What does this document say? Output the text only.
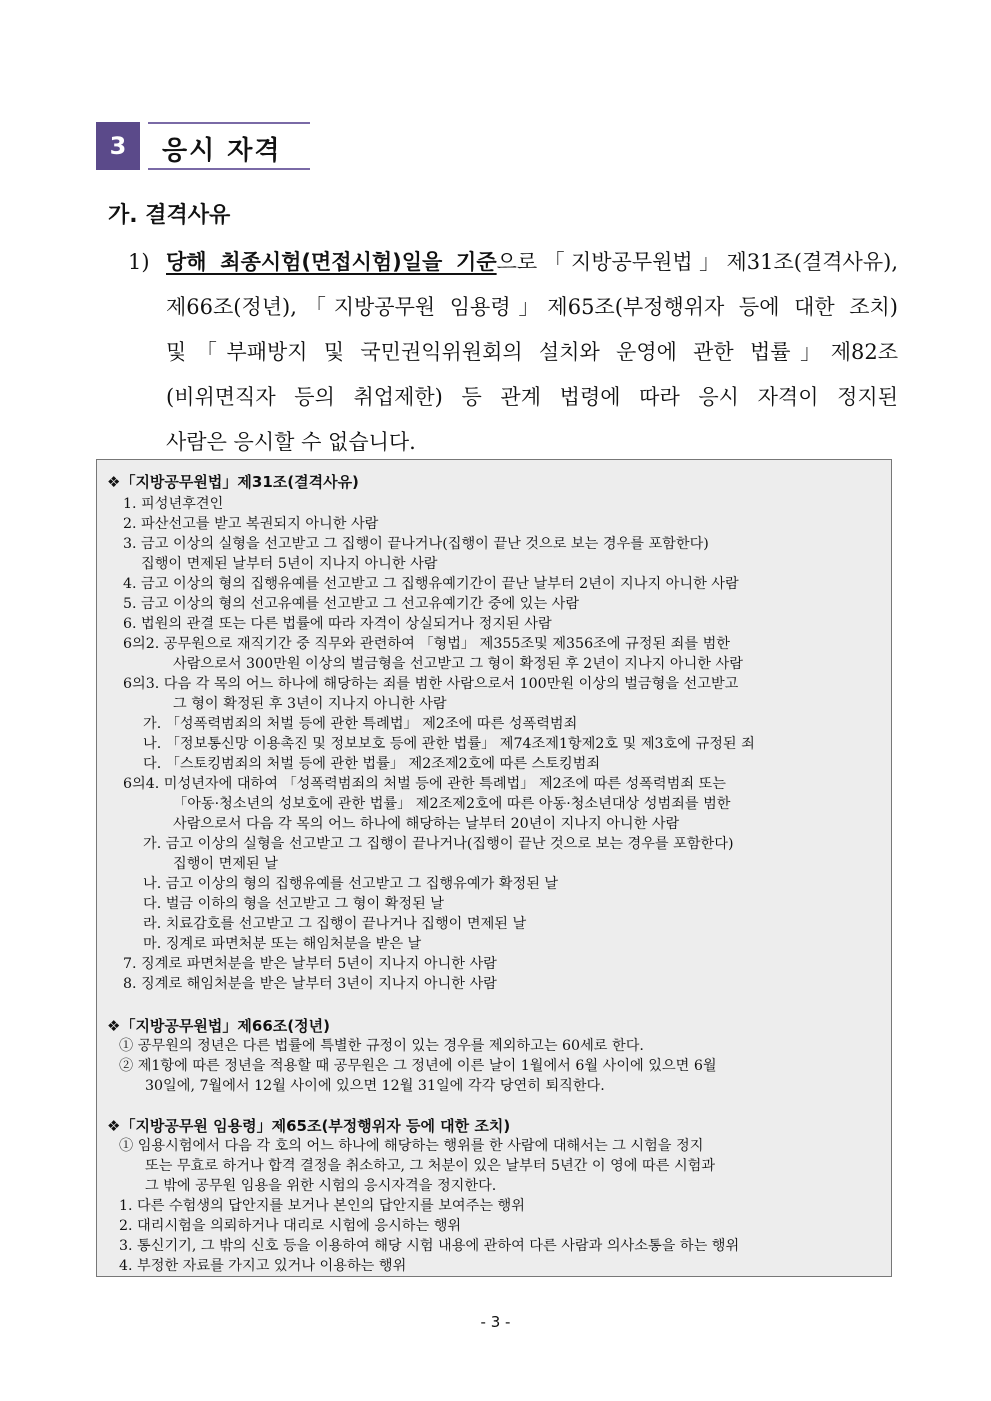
3	응시 자격
가. 결격사유
1) 당해 최종시험(면접시험)일을 기준으로「지방공무원법」제31조(결격사유),
제66조(정년),「지방공무원 임용령」제65조(부정행위자 등에 대한 조치)
및「부패방지 및 국민권익위원회의 설치와 운영에 관한 법률」제82조
(비위면직자 등의 취업제한) 등 관계 법령에 따라 응시 자격이 정지된
사람은 응시할 수 없습니다.
❖「지방공무원법」제31조(결격사유)
1. 피성년후견인
2. 파산선고를 받고 복권되지 아니한 사람
3. 금고 이상의 실형을 선고받고 그 집행이 끝나거나(집행이 끝난 것으로 보는 경우를 포함한다)
집행이 면제된 날부터 5년이 지나지 아니한 사람
4. 금고 이상의 형의 집행유예를 선고받고 그 집행유예기간이 끝난 날부터 2년이 지나지 아니한 사람
5. 금고 이상의 형의 선고유예를 선고받고 그 선고유예기간 중에 있는 사람
6. 법원의 관결 또는 다른 법률에 따라 자격이 상실되거나 정지된 사람
6의2. 공무원으로 재직기간 중 직무와 관련하여 「형법」 제355조및 제356조에 규정된 죄를 범한
사람으로서 300만원 이상의 벌금형을 선고받고 그 형이 확정된 후 2년이 지나지 아니한 사람
6의3. 다음 각 목의 어느 하나에 해당하는 죄를 범한 사람으로서 100만원 이상의 벌금형을 선고받고
그 형이 확정된 후 3년이 지나지 아니한 사람
가. 「성폭력범죄의 처벌 등에 관한 특례법」 제2조에 따른 성폭력범죄
나. 「정보통신망 이용촉진 및 정보보호 등에 관한 법률」 제74조제1항제2호 및 제3호에 규정된 죄
다. 「스토킹범죄의 처벌 등에 관한 법률」 제2조제2호에 따른 스토킹범죄
6의4. 미성년자에 대하여 「성폭력범죄의 처벌 등에 관한 특례법」 제2조에 따른 성폭력범죄 또는
「아동·청소년의 성보호에 관한 법률」 제2조제2호에 따른 아동·청소년대상 성범죄를 범한
사람으로서 다음 각 목의 어느 하나에 해당하는 날부터 20년이 지나지 아니한 사람
가. 금고 이상의 실형을 선고받고 그 집행이 끝나거나(집행이 끝난 것으로 보는 경우를 포함한다)
집행이 면제된 날
나. 금고 이상의 형의 집행유예를 선고받고 그 집행유예가 확정된 날
다. 벌금 이하의 형을 선고받고 그 형이 확정된 날
라. 치료감호를 선고받고 그 집행이 끝나거나 집행이 면제된 날
마. 징계로 파면처분 또는 해임처분을 받은 날
7. 징계로 파면처분을 받은 날부터 5년이 지나지 아니한 사람
8. 징계로 해임처분을 받은 날부터 3년이 지나지 아니한 사람
❖「지방공무원법」제66조(정년)
① 공무원의 정년은 다른 법률에 특별한 규정이 있는 경우를 제외하고는 60세로 한다.
② 제1항에 따른 정년을 적용할 때 공무원은 그 정년에 이른 날이 1월에서 6월 사이에 있으면 6월
30일에, 7월에서 12월 사이에 있으면 12월 31일에 각각 당연히 퇴직한다.
❖「지방공무원 임용령」제65조(부정행위자 등에 대한 조치)
① 임용시험에서 다음 각 호의 어느 하나에 해당하는 행위를 한 사람에 대해서는 그 시험을 정지
또는 무효로 하거나 합격 결정을 취소하고, 그 처분이 있은 날부터 5년간 이 영에 따른 시험과
그 밖에 공무원 임용을 위한 시험의 응시자격을 정지한다.
1. 다른 수험생의 답안지를 보거나 본인의 답안지를 보여주는 행위
2. 대리시험을 의뢰하거나 대리로 시험에 응시하는 행위
3. 통신기기, 그 밖의 신호 등을 이용하여 해당 시험 내용에 관하여 다른 사람과 의사소통을 하는 행위
4. 부정한 자료를 가지고 있거나 이용하는 행위
- 3 -
